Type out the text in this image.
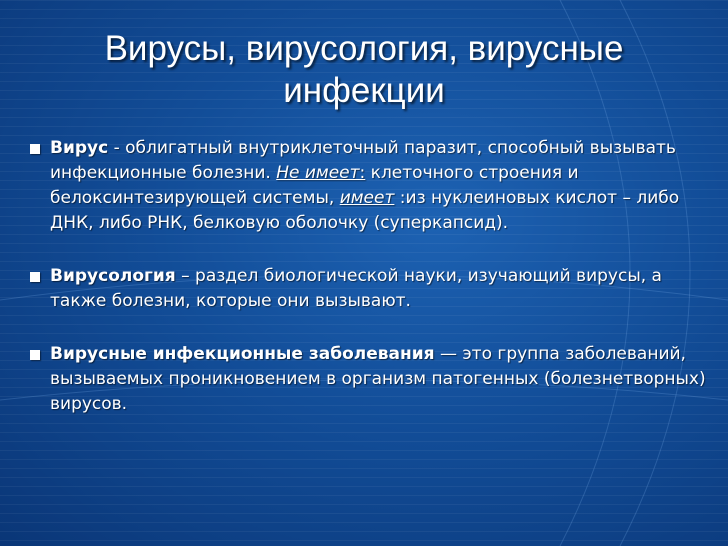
Вирусы, вирусология, вирусные
инфекции
Вирус - облигатный внутриклеточный паразит, способный вызывать инфекционные болезни. Не имеет: клеточного строения и белоксинтезирующей системы, имеет :из нуклеиновых кислот – либо ДНК, либо РНК, белковую оболочку (суперкапсид).
Вирусология – раздел биологической науки, изучающий вирусы, а также болезни, которые они вызывают.
Вирусные инфекционные заболевания — это группа заболеваний, вызываемых проникновением в организм патогенных (болезнетворных) вирусов.
